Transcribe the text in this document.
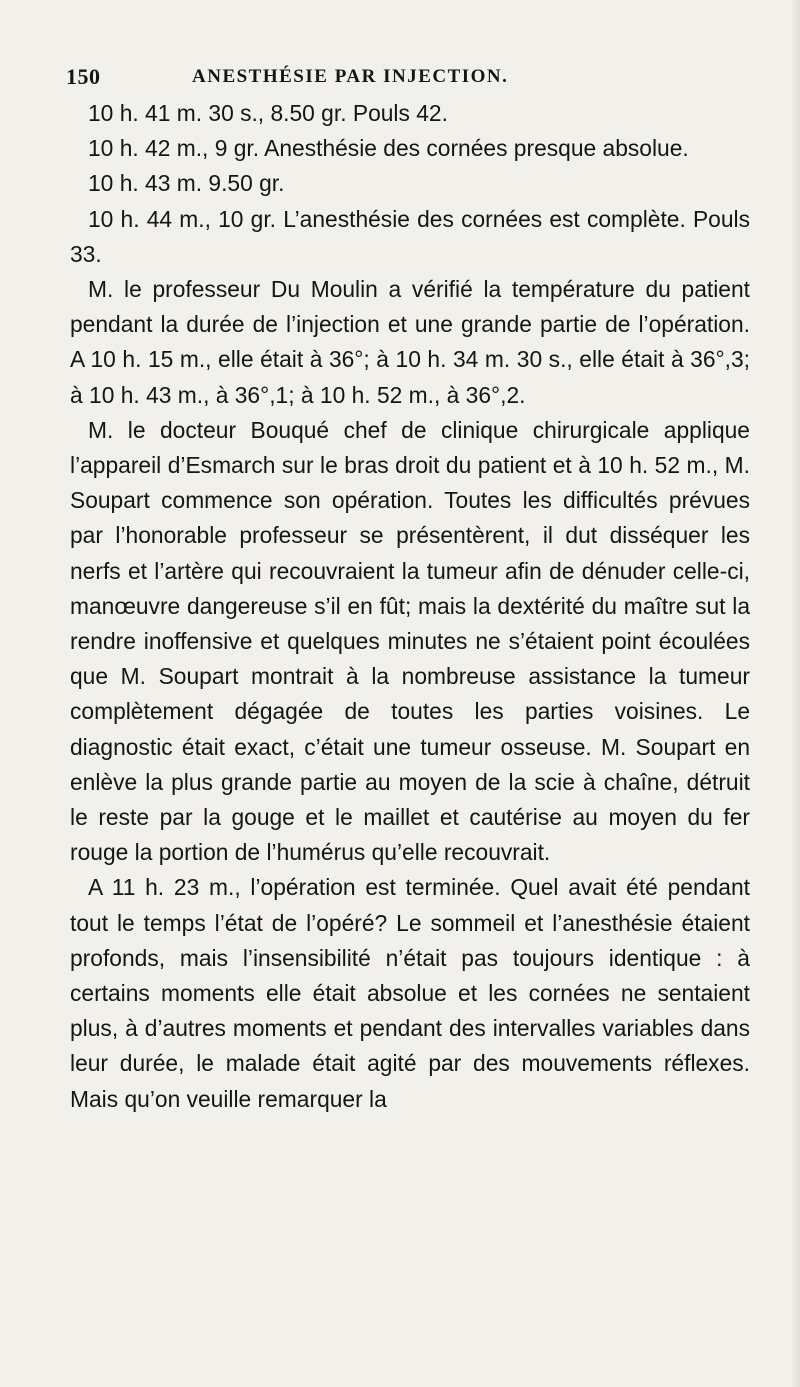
150	ANESTHÉSIE PAR INJECTION.

10 h. 41 m. 30 s., 8.50 gr. Pouls 42.

10 h. 42 m., 9 gr. Anesthésie des cornées presque absolue.

10 h. 43 m. 9.50 gr.

10 h. 44 m., 10 gr. L’anesthésie des cornées est complète. Pouls 33.

M. le professeur Du Moulin a vérifié la température du patient pendant la durée de l’injection et une grande partie de l’opération. A 10 h. 15 m., elle était à 36°; à 10 h. 34 m. 30 s., elle était à 36°,3; à 10 h. 43 m., à 36°,1; à 10 h. 52 m., à 36°,2.

M. le docteur Bouqué chef de clinique chirurgicale applique l’appareil d’Esmarch sur le bras droit du patient et à 10 h. 52 m., M. Soupart commence son opération. Toutes les difficultés prévues par l’honorable professeur se présentèrent, il dut disséquer les nerfs et l’artère qui recouvraient la tumeur afin de dénuder celle-ci, manœuvre dangereuse s’il en fût; mais la dextérité du maître sut la rendre inoffensive et quelques minutes ne s’étaient point écoulées que M. Soupart montrait à la nombreuse assistance la tumeur complètement dégagée de toutes les parties voisines. Le diagnostic était exact, c’était une tumeur osseuse. M. Soupart en enlève la plus grande partie au moyen de la scie à chaîne, détruit le reste par la gouge et le maillet et cautérise au moyen du fer rouge la portion de l’humérus qu’elle recouvrait.

A 11 h. 23 m., l’opération est terminée. Quel avait été pendant tout le temps l’état de l’opéré? Le sommeil et l’anesthésie étaient profonds, mais l’insensibilité n’était pas toujours identique : à certains moments elle était absolue et les cornées ne sentaient plus, à d’autres moments et pendant des intervalles variables dans leur durée, le malade était agité par des mouvements réflexes. Mais qu’on veuille remarquer la
